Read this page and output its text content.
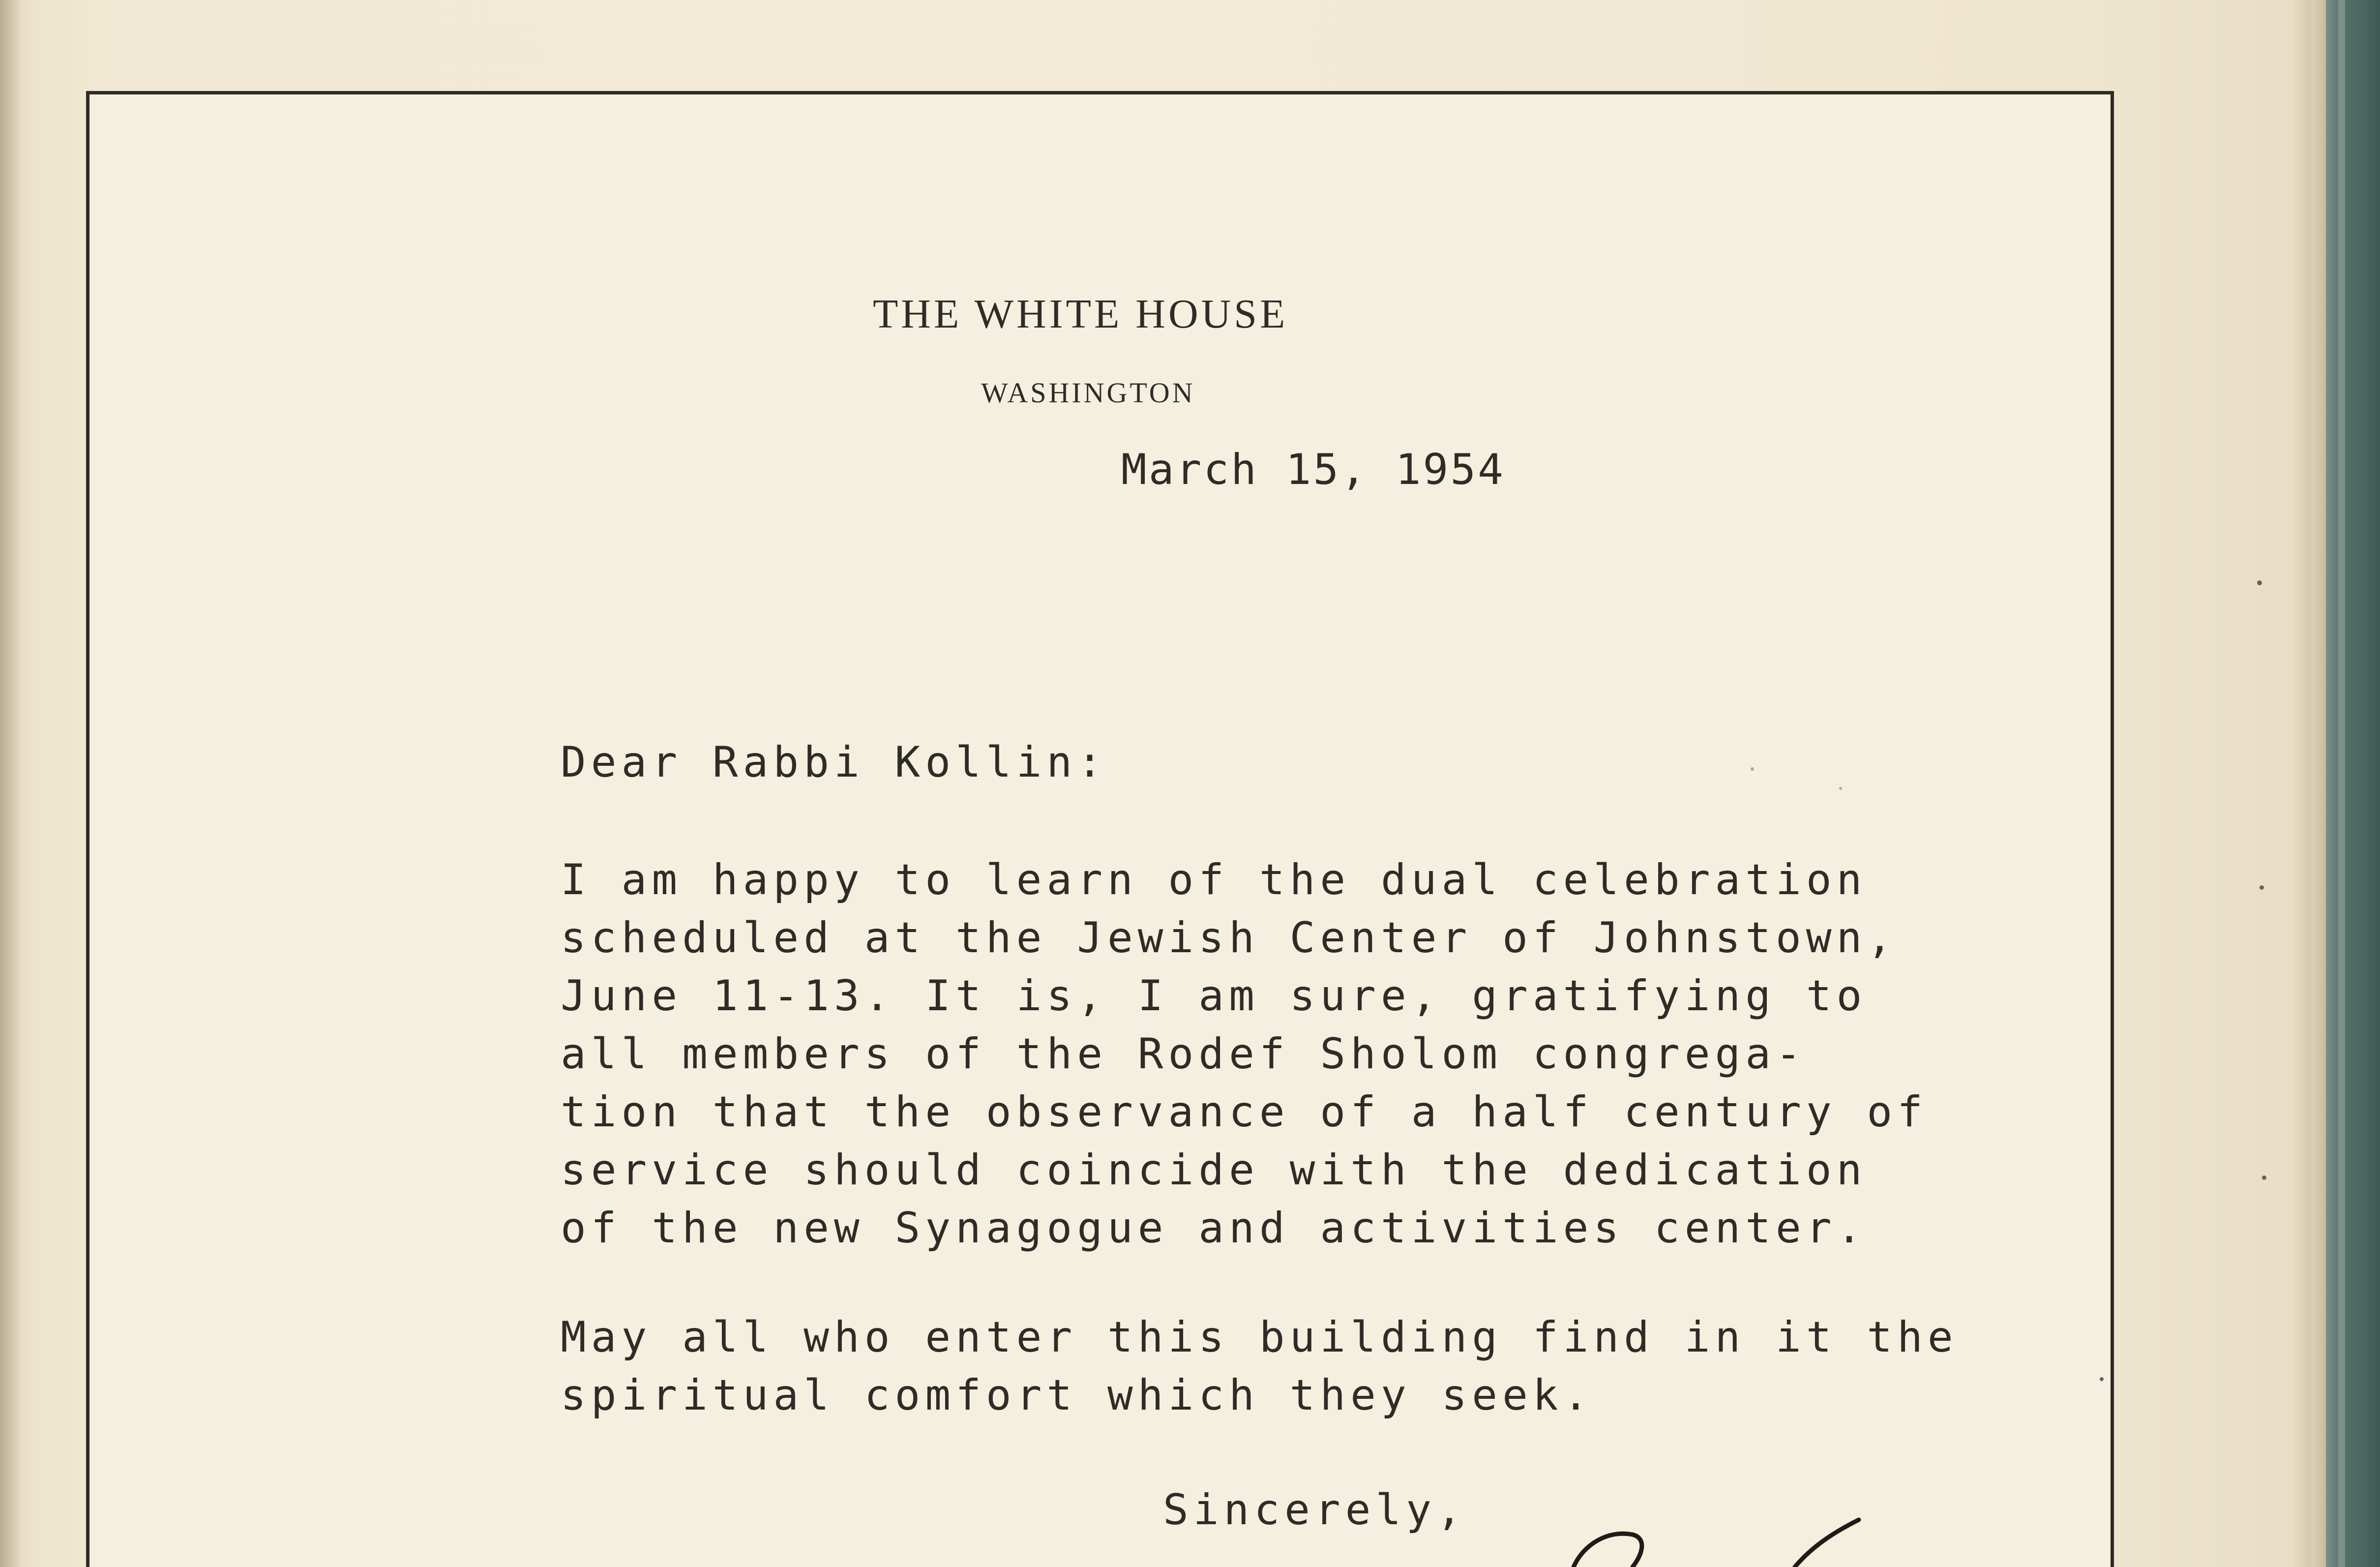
THE WHITE HOUSE
WASHINGTON
March 15, 1954
Dear Rabbi Kollin:
I am happy to learn of the dual celebration
scheduled at the Jewish Center of Johnstown,
June 11-13. It is, I am sure, gratifying to
all members of the Rodef Sholom congrega-
tion that the observance of a half century of
service should coincide with the dedication
of the new Synagogue and activities center.
May all who enter this building find in it the
spiritual comfort which they seek.
Sincerely,
